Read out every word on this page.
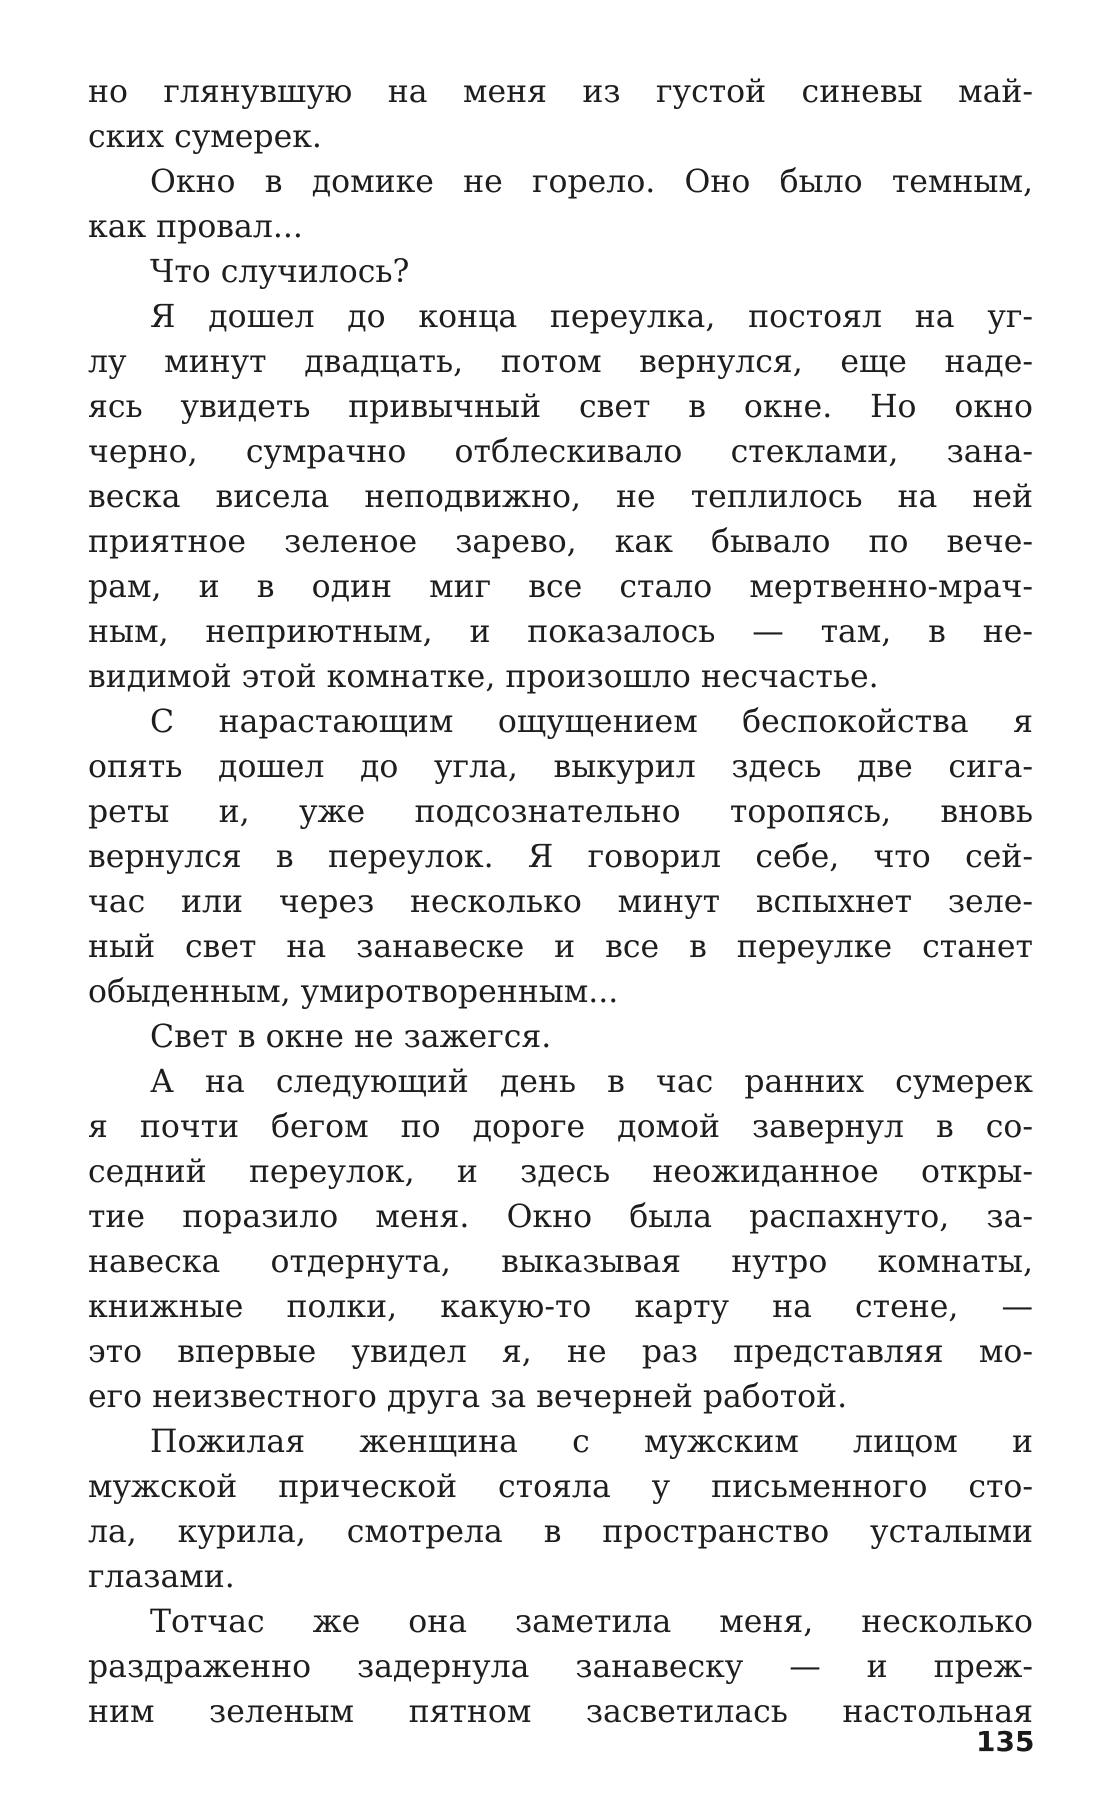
но глянувшую на меня из густой синевы май-
ских сумерек.
Окно в домике не горело. Оно было темным,
как провал...
Что случилось?
Я дошел до конца переулка, постоял на уг-
лу минут двадцать, потом вернулся, еще наде-
ясь увидеть привычный свет в окне. Но окно
черно, сумрачно отблескивало стеклами, зана-
веска висела неподвижно, не теплилось на ней
приятное зеленое зарево, как бывало по вече-
рам, и в один миг все стало мертвенно-мрач-
ным, неприютным, и показалось — там, в не-
видимой этой комнатке, произошло несчастье.
С нарастающим ощущением беспокойства я
опять дошел до угла, выкурил здесь две сига-
реты и, уже подсознательно торопясь, вновь
вернулся в переулок. Я говорил себе, что сей-
час или через несколько минут вспыхнет зеле-
ный свет на занавеске и все в переулке станет
обыденным, умиротворенным...
Свет в окне не зажегся.
А на следующий день в час ранних сумерек
я почти бегом по дороге домой завернул в со-
седний переулок, и здесь неожиданное откры-
тие поразило меня. Окно была распахнуто, за-
навеска отдернута, выказывая нутро комнаты,
книжные полки, какую-то карту на стене, —
это впервые увидел я, не раз представляя мо-
его неизвестного друга за вечерней работой.
Пожилая женщина с мужским лицом и
мужской прической стояла у письменного сто-
ла, курила, смотрела в пространство усталыми
глазами.
Тотчас же она заметила меня, несколько
раздраженно задернула занавеску — и преж-
ним зеленым пятном засветилась настольная
135
